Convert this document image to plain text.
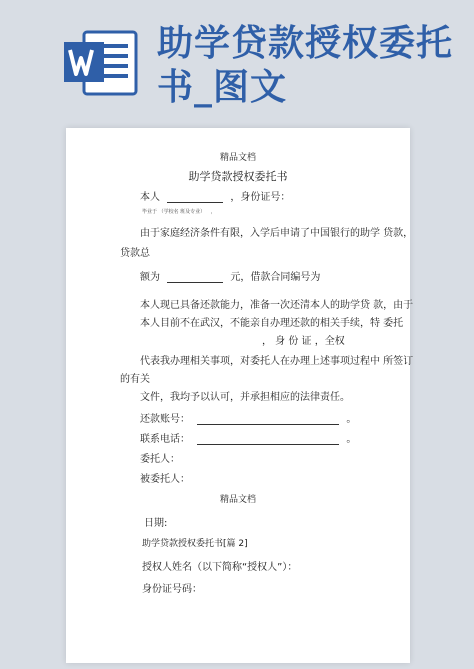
助学贷款授权委托书_图文
精品文档
助学贷款授权委托书
本人	，身份证号：
毕业于 （学校名 班及专业） ，
由于家庭经济条件有限，入学后申请了中国银行的助学 贷款，
贷款总
额为	元，借款合同编号为
本人现已具备还款能力，准备一次还清本人的助学贷 款，由于
本人目前不在武汉，不能亲自办理还款的相关手续，特 委托
， 身 份 证 ，全权
代表我办理相关事项，对委托人在办理上述事项过程中 所签订
的有关
文件，我均予以认可，并承担相应的法律责任。
还款账号：	。
联系电话：	。
委托人：
被委托人：
精品文档
日期:
助学贷款授权委托书[篇 2]
授权人姓名（以下简称“授权人”）：
身份证号码：
